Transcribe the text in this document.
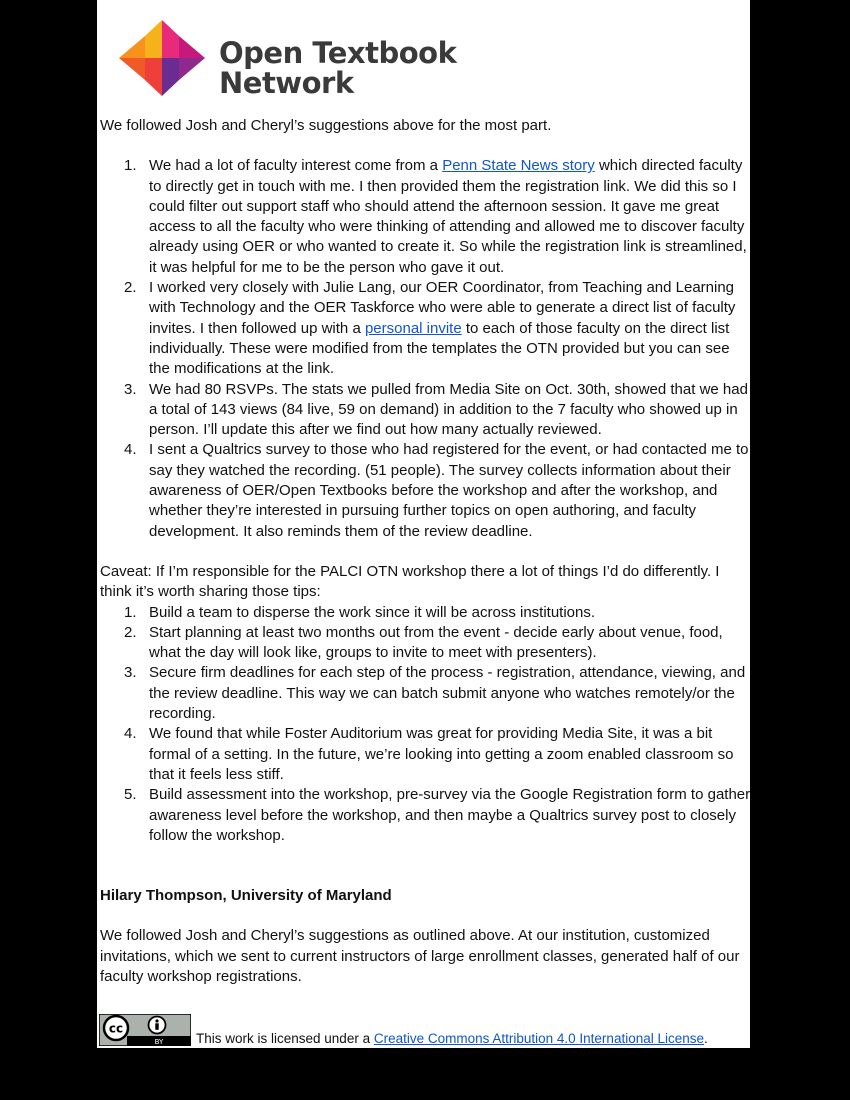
Open Textbook
Network

We followed Josh and Cheryl’s suggestions above for the most part.

1. We had a lot of faculty interest come from a Penn State News story which directed faculty to directly get in touch with me. I then provided them the registration link. We did this so I could filter out support staff who should attend the afternoon session. It gave me great access to all the faculty who were thinking of attending and allowed me to discover faculty already using OER or who wanted to create it. So while the registration link is streamlined, it was helpful for me to be the person who gave it out.
2. I worked very closely with Julie Lang, our OER Coordinator, from Teaching and Learning with Technology and the OER Taskforce who were able to generate a direct list of faculty invites. I then followed up with a personal invite to each of those faculty on the direct list individually. These were modified from the templates the OTN provided but you can see the modifications at the link.
3. We had 80 RSVPs. The stats we pulled from Media Site on Oct. 30th, showed that we had a total of 143 views (84 live, 59 on demand) in addition to the 7 faculty who showed up in person. I’ll update this after we find out how many actually reviewed.
4. I sent a Qualtrics survey to those who had registered for the event, or had contacted me to say they watched the recording. (51 people). The survey collects information about their awareness of OER/Open Textbooks before the workshop and after the workshop, and whether they’re interested in pursuing further topics on open authoring, and faculty development. It also reminds them of the review deadline.

Caveat: If I’m responsible for the PALCI OTN workshop there a lot of things I’d do differently. I think it’s worth sharing those tips:

1. Build a team to disperse the work since it will be across institutions.
2. Start planning at least two months out from the event - decide early about venue, food, what the day will look like, groups to invite to meet with presenters).
3. Secure firm deadlines for each step of the process - registration, attendance, viewing, and the review deadline. This way we can batch submit anyone who watches remotely/or the recording.
4. We found that while Foster Auditorium was great for providing Media Site, it was a bit formal of a setting. In the future, we’re looking into getting a zoom enabled classroom so that it feels less stiff.
5. Build assessment into the workshop, pre-survey via the Google Registration form to gather awareness level before the workshop, and then maybe a Qualtrics survey post to closely follow the workshop.

Hilary Thompson, University of Maryland

We followed Josh and Cheryl’s suggestions as outlined above. At our institution, customized invitations, which we sent to current instructors of large enrollment classes, generated half of our faculty workshop registrations.

cc
BY This work is licensed under a Creative Commons Attribution 4.0 International License.
